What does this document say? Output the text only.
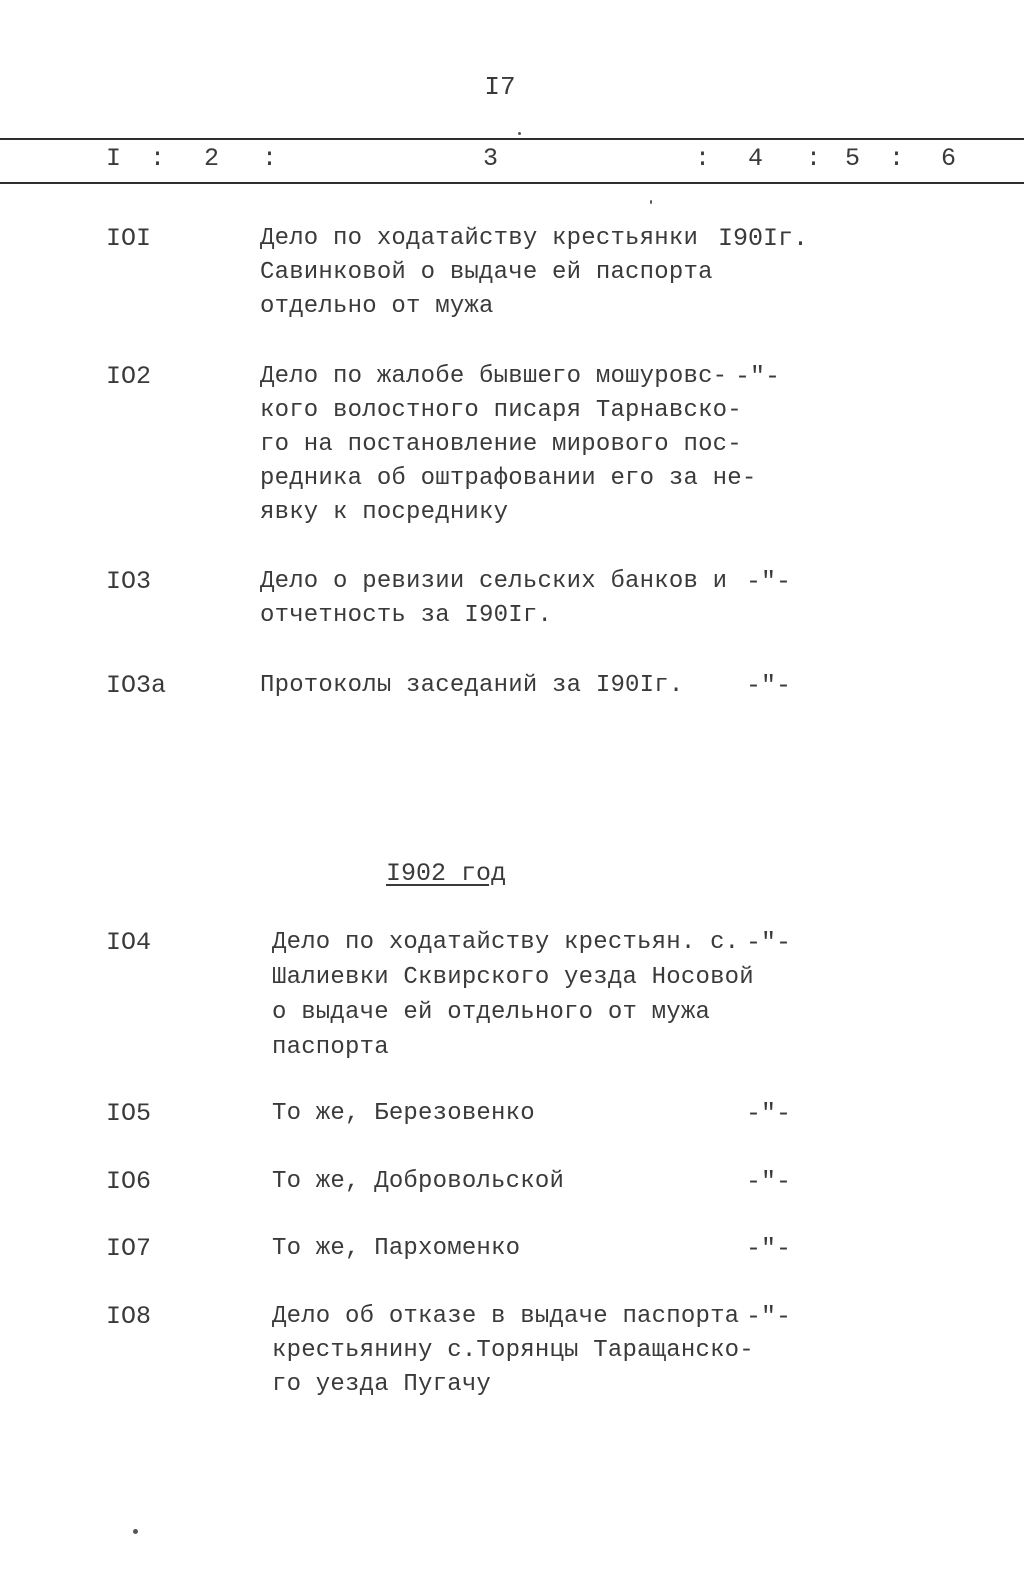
I7
I : 2 :	3	: 4 : 5 : 6
IOI	Дело по ходатайству крестьянки
Савинковой о выдаче ей паспорта
отдельно от мужа
I90Iг.
IO2	Дело по жалобе бывшего мошуровс-
кого волостного писаря Тарнавско-
го на постановление мирового пос-
редника об оштрафовании его за не-
явку к посреднику
-"-
IO3	Дело о ревизии сельских банков и
отчетность за I90Iг.
-"-
IO3а	Протоколы заседаний за I90Iг.	-"-
I902 год
IO4	Дело по ходатайству крестьян. с.
Шалиевки Сквирского уезда Носовой
о выдаче ей отдельного от мужа
паспорта
-"-
IO5	То же, Березовенко	-"-
IO6	То же, Добровольской	-"-
IO7	То же, Пархоменко	-"-
IO8	Дело об отказе в выдаче паспорта
крестьянину с.Торянцы Таращанско-
го уезда Пугачу
-"-
